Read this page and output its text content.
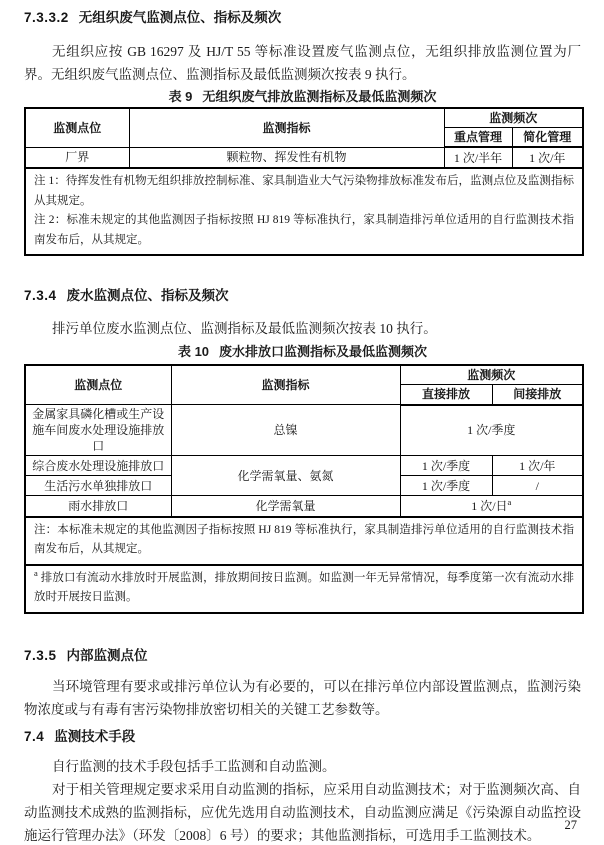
7.3.3.2 无组织废气监测点位、指标及频次

无组织应按 GB 16297 及 HJ/T 55 等标准设置废气监测点位，无组织排放监测位置为厂界。无组织废气监测点位、监测指标及最低监测频次按表 9 执行。

表 9 无组织废气排放监测指标及最低监测频次
监测点位	监测指标	监测频次	
		重点管理	简化管理
厂界	颗粒物、挥发性有机物	1 次/半年	1 次/年

注 1：待挥发性有机物无组织排放控制标准、家具制造业大气污染物排放标准发布后，监测点位及监测指标从其规定。
注 2：标准未规定的其他监测因子指标按照 HJ 819 等标准执行，家具制造排污单位适用的自行监测技术指南发布后，从其规定。			
7.3.4 废水监测点位、指标及频次

排污单位废水监测点位、监测指标及最低监测频次按表 10 执行。

表 10 废水排放口监测指标及最低监测频次
监测点位	监测指标	监测频次	
		直接排放	间接排放
金属家具磷化槽或生产设施车间废水处理设施排放口	总镍	1 次/季度	
综合废水处理设施排放口	化学需氧量、氨氮	1 次/季度	1 次/年
生活污水单独排放口		1 次/季度	/
雨水排放口	化学需氧量	1 次/日$^a$

注：本标准未规定的其他监测因子指标按照 HJ 819 等标准执行，家具制造排污单位适用的自行监测技术指南发布后，从其规定。			

$^a$ 排放口有流动水排放时开展监测，排放期间按日监测。如监测一年无异常情况，每季度第一次有流动水排放时开展按日监测。			
7.3.5 内部监测点位

当环境管理有要求或排污单位认为有必要的，可以在排污单位内部设置监测点，监测污染物浓度或与有毒有害污染物排放密切相关的关键工艺参数等。

7.4 监测技术手段

自行监测的技术手段包括手工监测和自动监测。

对于相关管理规定要求采用自动监测的指标，应采用自动监测技术；对于监测频次高、自动监测技术成熟的监测指标，应优先选用自动监测技术，自动监测应满足《污染源自动监控设施运行管理办法》（环发〔2008〕6 号）的要求；其他监测指标，可选用手工监测技术。

27
